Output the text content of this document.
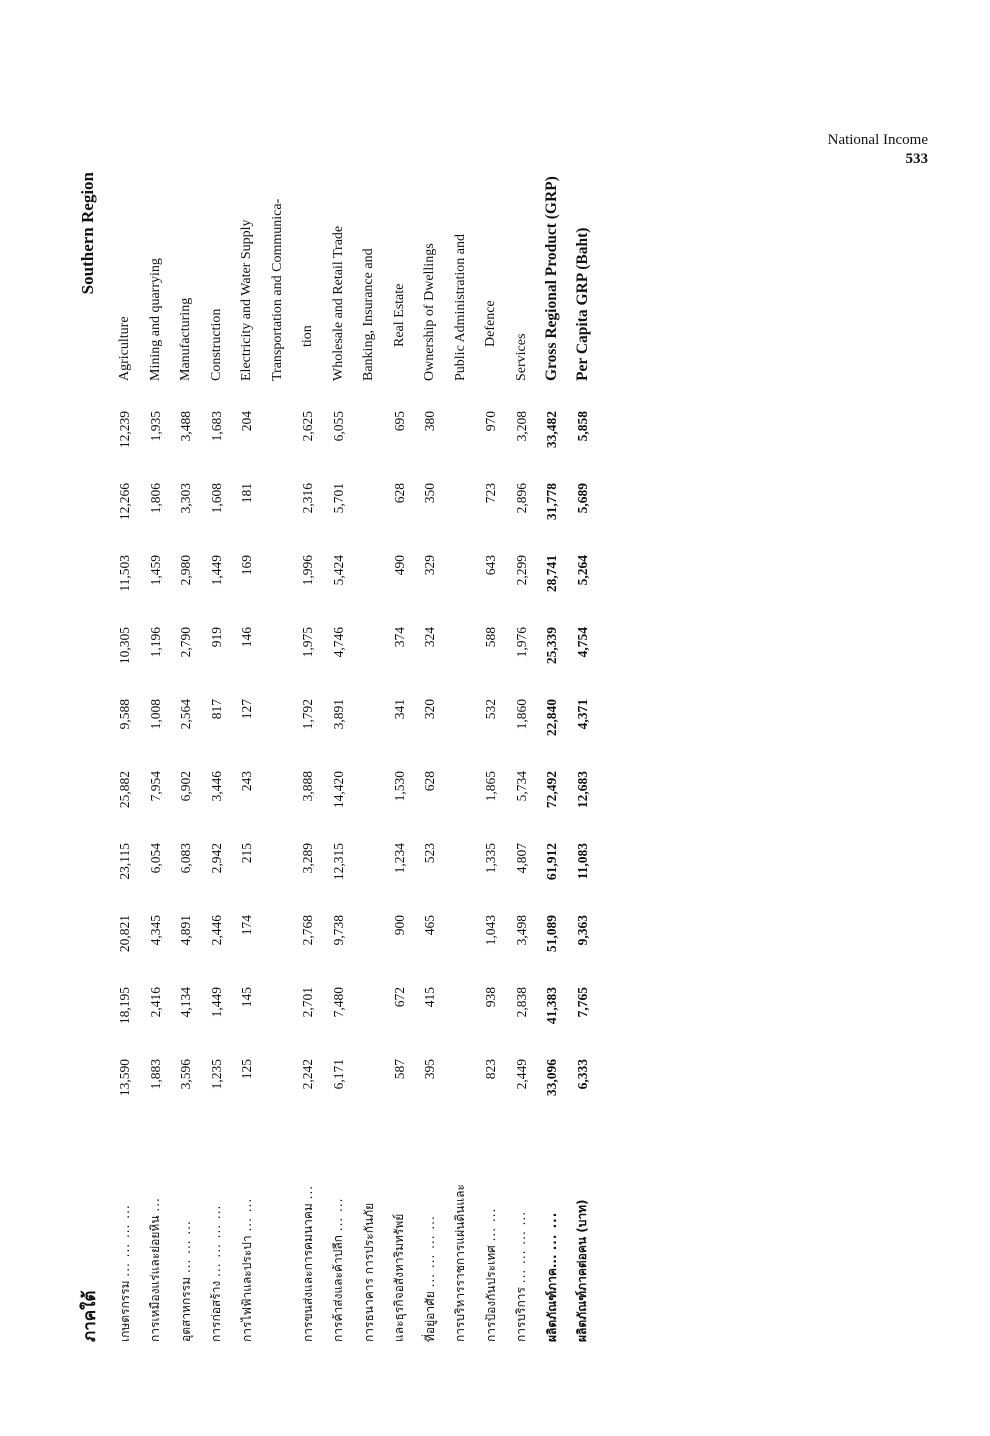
National Income
533
ภาคใต้
Southern Region
เกษตรกรรม ... ... ... ...	13,590	18,195	20,821	23,115	25,882	9,588	10,305	11,503	12,266	12,239	Agriculture
การเหมืองแร่และย่อยหิน ...	1,883	2,416	4,345	6,054	7,954	1,008	1,196	1,459	1,806	1,935	Mining and quarrying
อุตสาหกรรม ... ... ...	3,596	4,134	4,891	6,083	6,902	2,564	2,790	2,980	3,303	3,488	Manufacturing
การก่อสร้าง ... ... ... ...	1,235	1,449	2,446	2,942	3,446	817	919	1,449	1,608	1,683	Construction
การไฟฟ้าและประปา ... ...	125	145	174	215	243	127	146	169	181	204	Electricity and Water Supply
											Transportation and Communica-
การขนส่งและการคมนาคม ...	2,242	2,701	2,768	3,289	3,888	1,792	1,975	1,996	2,316	2,625	tion
การค้าส่งและค้าปลีก ... ...	6,171	7,480	9,738	12,315	14,420	3,891	4,746	5,424	5,701	6,055	Wholesale and Retail Trade
การธนาคาร การประกันภัย											Banking, Insurance and
และธุรกิจอสังหาริมทรัพย์	587	672	900	1,234	1,530	341	374	490	628	695	Real Estate
ที่อยู่อาศัย ... ... ... ...	395	415	465	523	628	320	324	329	350	380	Ownership of Dwellings
การบริหารราชการแผ่นดินและ											Public Administration and
การป้องกันประเทศ ... ...	823	938	1,043	1,335	1,865	532	588	643	723	970	Defence
การบริการ ... ... ... ...	2,449	2,838	3,498	4,807	5,734	1,860	1,976	2,299	2,896	3,208	Services
ผลิตภัณฑ์ภาค... ... ...	33,096	41,383	51,089	61,912	72,492	22,840	25,339	28,741	31,778	33,482	Gross Regional Product (GRP)
ผลิตภัณฑ์ภาคต่อคน (บาท)	6,333	7,765	9,363	11,083	12,683	4,371	4,754	5,264	5,689	5,858	Per Capita GRP (Baht)
